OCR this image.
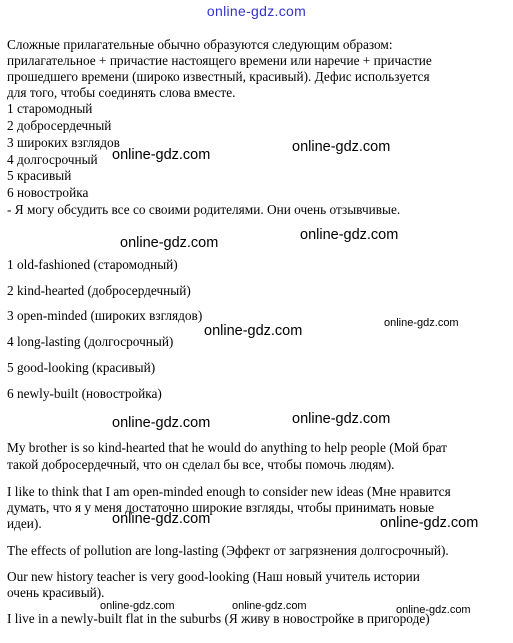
online-gdz.com
Сложные прилагательные обычно образуются следующим образом:
прилагательное + причастие настоящего времени или наречие + причастие
прошедшего времени (широко известный, красивый). Дефис используется
для того, чтобы соединять слова вместе.
1 старомодный
2 добросердечный
3 широких взглядов
4 долгосрочный
5 красивый
6 новостройка
- Я могу обсудить все со своими родителями. Они очень отзывчивые.
1 old-fashioned (старомодный)
2 kind-hearted (добросердечный)
3 open-minded (широких взглядов)
4 long-lasting (долгосрочный)
5 good-looking (красивый)
6 newly-built (новостройка)
My brother is so kind-hearted that he would do anything to help people (Мой брат
такой добросердечный, что он сделал бы все, чтобы помочь людям).
I like to think that I am open-minded enough to consider new ideas (Мне нравится
думать, что я у меня достаточно широкие взгляды, чтобы принимать новые
идеи).
The effects of pollution are long-lasting (Эффект от загрязнения долгосрочный).
Our new history teacher is very good-looking (Наш новый учитель истории
очень красивый).
I live in a newly-built flat in the suburbs (Я живу в новостройке в пригороде)
online-gdz.com	online-gdz.com
online-gdz.com	online-gdz.com
online-gdz.com	online-gdz.com
online-gdz.com	online-gdz.com
online-gdz.com	online-gdz.com
online-gdz.com	online-gdz.com	online-gdz.com
